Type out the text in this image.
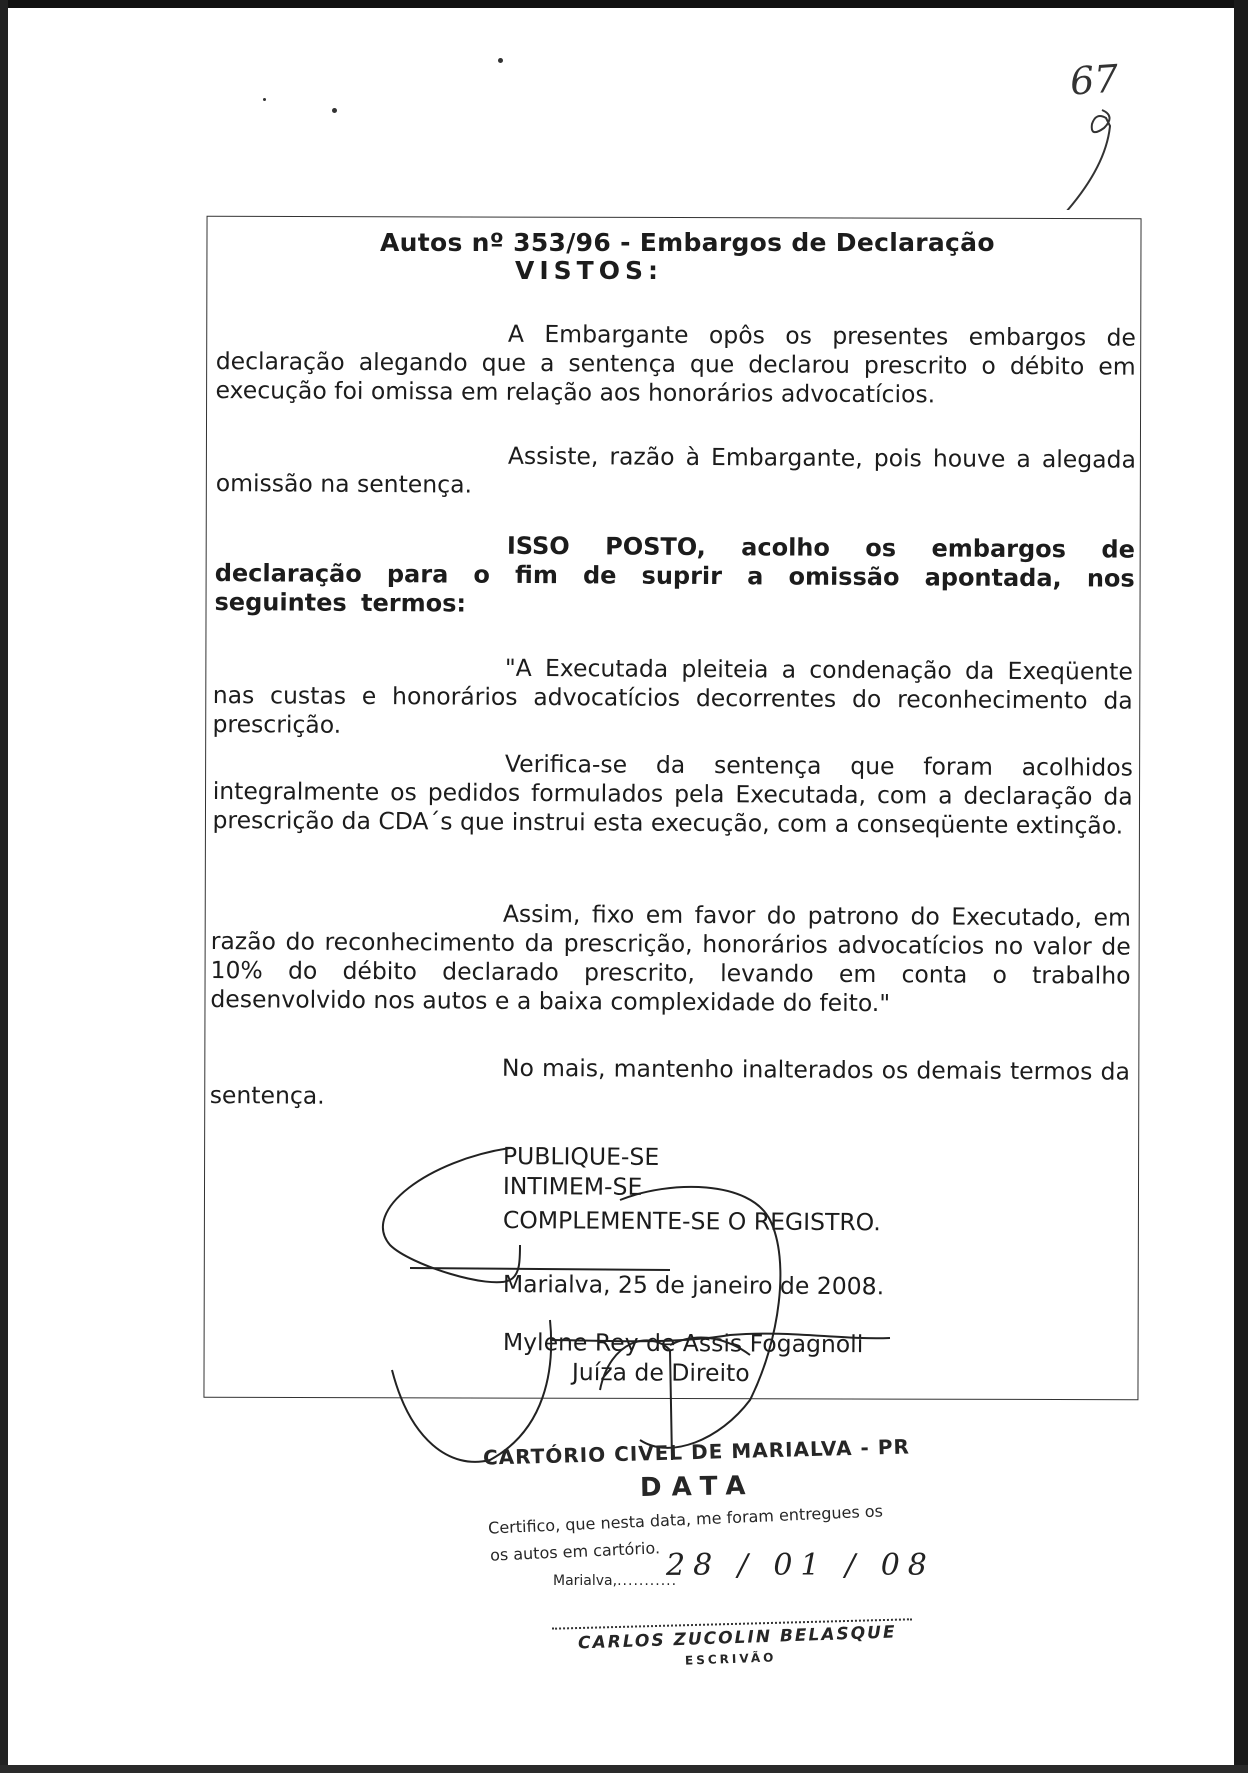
67
Autos nº 353/96 - Embargos de Declaração
VISTOS:
A Embargante opôs os presentes embargos de declaração alegando que a sentença que declarou prescrito o débito em execução foi omissa em relação aos honorários advocatícios.
Assiste, razão à Embargante, pois houve a alegada omissão na sentença.
ISSO POSTO, acolho os embargos de declaração para o fim de suprir a omissão apontada, nos seguintes termos:
"A Executada pleiteia a condenação da Exeqüente nas custas e honorários advocatícios decorrentes do reconhecimento da prescrição.
Verifica-se da sentença que foram acolhidos integralmente os pedidos formulados pela Executada, com a declaração da prescrição da CDA´s que instrui esta execução, com a conseqüente extinção.
Assim, fixo em favor do patrono do Executado, em razão do reconhecimento da prescrição, honorários advocatícios no valor de 10% do débito declarado prescrito, levando em conta o trabalho desenvolvido nos autos e a baixa complexidade do feito."
No mais, mantenho inalterados os demais termos da sentença.
PUBLIQUE-SE
INTIMEM-SE
COMPLEMENTE-SE O REGISTRO.
Marialva, 25 de janeiro de 2008.
Mylene Rey de Assis Fogagnoli
Juíza de Direito
CARTÓRIO CIVEL DE MARIALVA - PR
DATA
Certifico, que nesta data, me foram entregues os
os autos em cartório.
Marialva,...........
28 / 01 / 08
CARLOS ZUCOLIN BELASQUE
ESCRIVÃO
